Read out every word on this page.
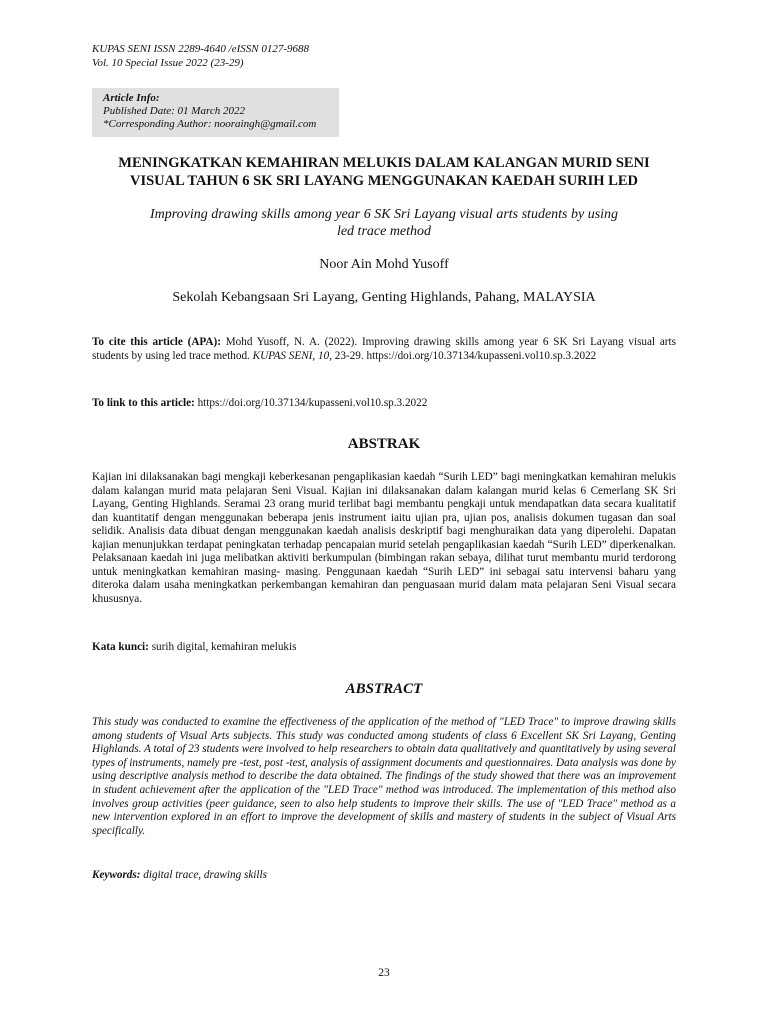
KUPAS SENI ISSN 2289-4640 /eISSN 0127-9688
Vol. 10 Special Issue 2022 (23-29)
Article Info:
Published Date: 01 March 2022
*Corresponding Author: nooraingh@gmail.com
MENINGKATKAN KEMAHIRAN MELUKIS DALAM KALANGAN MURID SENI
VISUAL TAHUN 6 SK SRI LAYANG MENGGUNAKAN KAEDAH SURIH LED
Improving drawing skills among year 6 SK Sri Layang visual arts students by using
led trace method
Noor Ain Mohd Yusoff
Sekolah Kebangsaan Sri Layang, Genting Highlands, Pahang, MALAYSIA
To cite this article (APA): Mohd Yusoff, N. A. (2022). Improving drawing skills among year 6 SK Sri Layang visual arts students by using led trace method. KUPAS SENI, 10, 23-29. https://doi.org/10.37134/kupasseni.vol10.sp.3.2022
To link to this article: https://doi.org/10.37134/kupasseni.vol10.sp.3.2022
ABSTRAK
Kajian ini dilaksanakan bagi mengkaji keberkesanan pengaplikasian kaedah “Surih LED” bagi meningkatkan kemahiran melukis dalam kalangan murid mata pelajaran Seni Visual. Kajian ini dilaksanakan dalam kalangan murid kelas 6 Cemerlang SK Sri Layang, Genting Highlands. Seramai 23 orang murid terlibat bagi membantu pengkaji untuk mendapatkan data secara kualitatif dan kuantitatif dengan menggunakan beberapa jenis instrument iaitu ujian pra, ujian pos, analisis dokumen tugasan dan soal selidik. Analisis data dibuat dengan menggunakan kaedah analisis deskriptif bagi menghuraikan data yang diperolehi. Dapatan kajian menunjukkan terdapat peningkatan terhadap pencapaian murid setelah pengaplikasian kaedah “Surih LED” diperkenalkan. Pelaksanaan kaedah ini juga melibatkan aktiviti berkumpulan (bimbingan rakan sebaya, dilihat turut membantu murid terdorong untuk meningkatkan kemahiran masing- masing. Penggunaan kaedah “Surih LED” ini sebagai satu intervensi baharu yang diteroka dalam usaha meningkatkan perkembangan kemahiran dan penguasaan murid dalam mata pelajaran Seni Visual secara khususnya.
Kata kunci: surih digital, kemahiran melukis
ABSTRACT
This study was conducted to examine the effectiveness of the application of the method of "LED Trace" to improve drawing skills among students of Visual Arts subjects. This study was conducted among students of class 6 Excellent SK Sri Layang, Genting Highlands. A total of 23 students were involved to help researchers to obtain data qualitatively and quantitatively by using several types of instruments, namely pre -test, post -test, analysis of assignment documents and questionnaires. Data analysis was done by using descriptive analysis method to describe the data obtained. The findings of the study showed that there was an improvement in student achievement after the application of the "LED Trace" method was introduced. The implementation of this method also involves group activities (peer guidance, seen to also help students to improve their skills. The use of "LED Trace" method as a new intervention explored in an effort to improve the development of skills and mastery of students in the subject of Visual Arts specifically.
Keywords: digital trace, drawing skills
23
